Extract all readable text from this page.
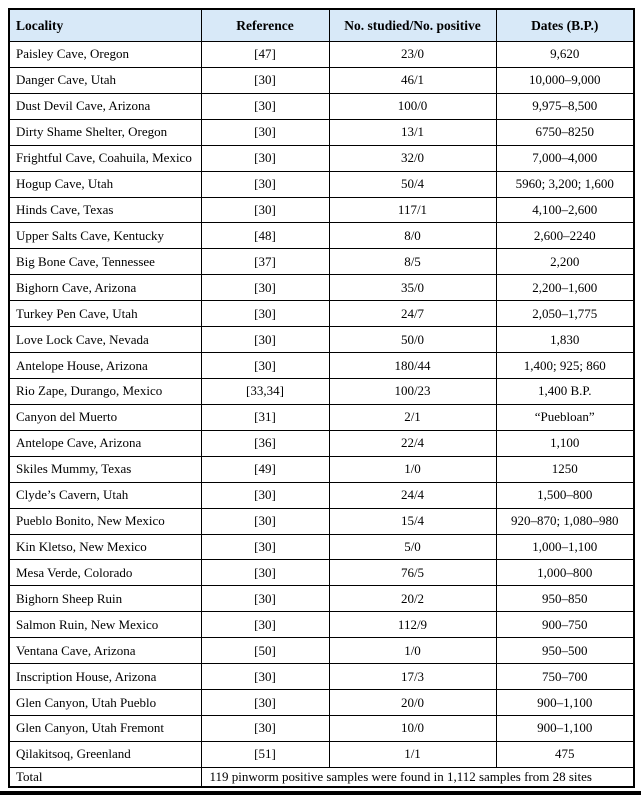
Locality	Reference	No. studied/No. positive	Dates (B.P.)
Paisley Cave, Oregon	[47]	23/0	9,620
Danger Cave, Utah	[30]	46/1	10,000–9,000
Dust Devil Cave, Arizona	[30]	100/0	9,975–8,500
Dirty Shame Shelter, Oregon	[30]	13/1	6750–8250
Frightful Cave, Coahuila, Mexico	[30]	32/0	7,000–4,000
Hogup Cave, Utah	[30]	50/4	5960; 3,200; 1,600
Hinds Cave, Texas	[30]	117/1	4,100–2,600
Upper Salts Cave, Kentucky	[48]	8/0	2,600–2240
Big Bone Cave, Tennessee	[37]	8/5	2,200
Bighorn Cave, Arizona	[30]	35/0	2,200–1,600
Turkey Pen Cave, Utah	[30]	24/7	2,050–1,775
Love Lock Cave, Nevada	[30]	50/0	1,830
Antelope House, Arizona	[30]	180/44	1,400; 925; 860
Rio Zape, Durango, Mexico	[33,34]	100/23	1,400 B.P.
Canyon del Muerto	[31]	2/1	“Puebloan”
Antelope Cave, Arizona	[36]	22/4	1,100
Skiles Mummy, Texas	[49]	1/0	1250
Clyde’s Cavern, Utah	[30]	24/4	1,500–800
Pueblo Bonito, New Mexico	[30]	15/4	920–870; 1,080–980
Kin Kletso, New Mexico	[30]	5/0	1,000–1,100
Mesa Verde, Colorado	[30]	76/5	1,000–800
Bighorn Sheep Ruin	[30]	20/2	950–850
Salmon Ruin, New Mexico	[30]	112/9	900–750
Ventana Cave, Arizona	[50]	1/0	950–500
Inscription House, Arizona	[30]	17/3	750–700
Glen Canyon, Utah Pueblo	[30]	20/0	900–1,100
Glen Canyon, Utah Fremont	[30]	10/0	900–1,100
Qilakitsoq, Greenland	[51]	1/1	475
Total	119 pinworm positive samples were found in 1,112 samples from 28 sites		
